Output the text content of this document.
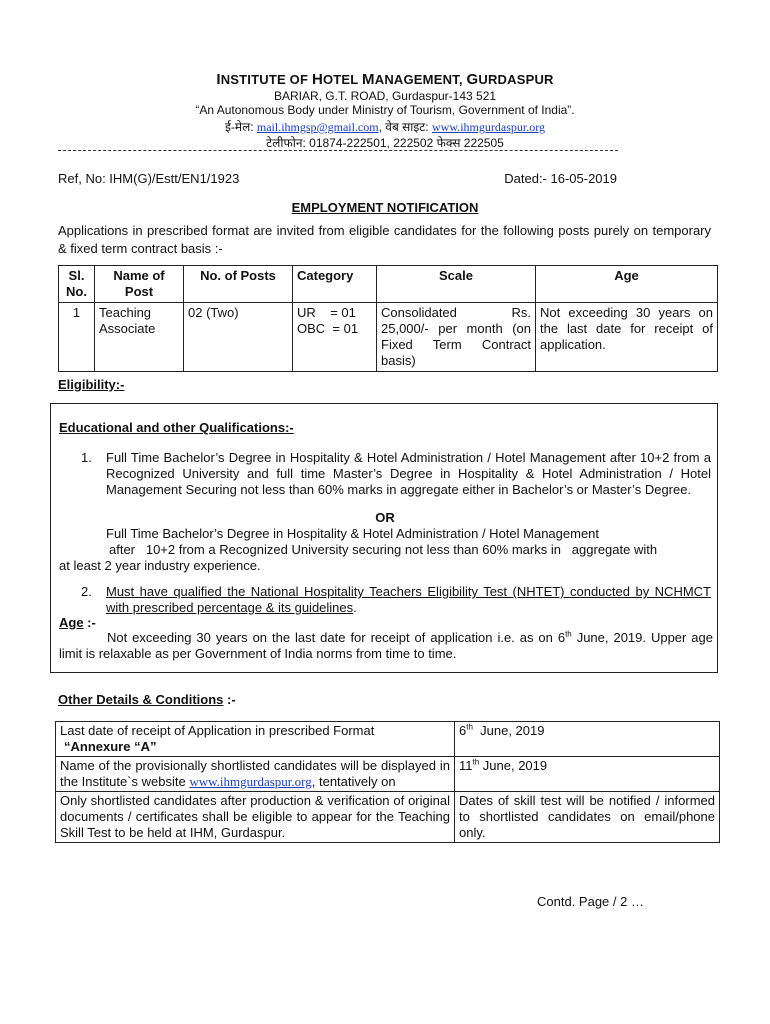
INSTITUTE OF HOTEL MANAGEMENT, GURDASPUR
BARIAR, G.T. ROAD, Gurdaspur-143 521
“An Autonomous Body under Ministry of Tourism, Government of India”.
ई-मेल: mail.ihmgsp@gmail.com, वेब साइट: www.ihmgurdaspur.org
टेलीफोन: 01874-222501, 222502 फेक्स 222505
Ref, No: IHM(G)/Estt/EN1/1923	Dated:- 16-05-2019
EMPLOYMENT NOTIFICATION
Applications in prescribed format are invited from eligible candidates for the following posts purely on temporary & fixed term contract basis :-
Sl. No.	Name of Post	No. of Posts	Category	Scale	Age
1	Teaching Associate	02 (Two)	UR    = 01
OBC  = 01	Consolidated Rs. 25,000/- per month (on Fixed Term Contract basis)	Not exceeding 30 years on the last date for receipt of application.
Eligibility:-
Educational and other Qualifications:-
1. Full Time Bachelor’s Degree in Hospitality & Hotel Administration / Hotel Management after 10+2 from a Recognized University and full time Master’s Degree in Hospitality & Hotel Administration / Hotel Management Securing not less than 60% marks in aggregate either in Bachelor’s or Master’s Degree.
OR
Full Time Bachelor’s Degree in Hospitality & Hotel Administration / Hotel Management
after   10+2 from a Recognized University securing not less than 60% marks in   aggregate with
at least 2 year industry experience.
2. Must have qualified the National Hospitality Teachers Eligibility Test (NHTET) conducted by NCHMCT with prescribed percentage & its guidelines.
Age :-
Not exceeding 30 years on the last date for receipt of application i.e. as on 6th June, 2019. Upper age limit is relaxable as per Government of India norms from time to time.
Other Details & Conditions :-
Last date of receipt of Application in prescribed Format
“Annexure “A”	6th  June, 2019
Name of the provisionally shortlisted candidates will be displayed in the Institute`s website www.ihmgurdaspur.org, tentatively on	11th June, 2019
Only shortlisted candidates after production & verification of original documents / certificates shall be eligible to appear for the Teaching Skill Test to be held at IHM, Gurdaspur.	Dates of skill test will be notified / informed to shortlisted candidates on email/phone only.
Contd. Page / 2 …
